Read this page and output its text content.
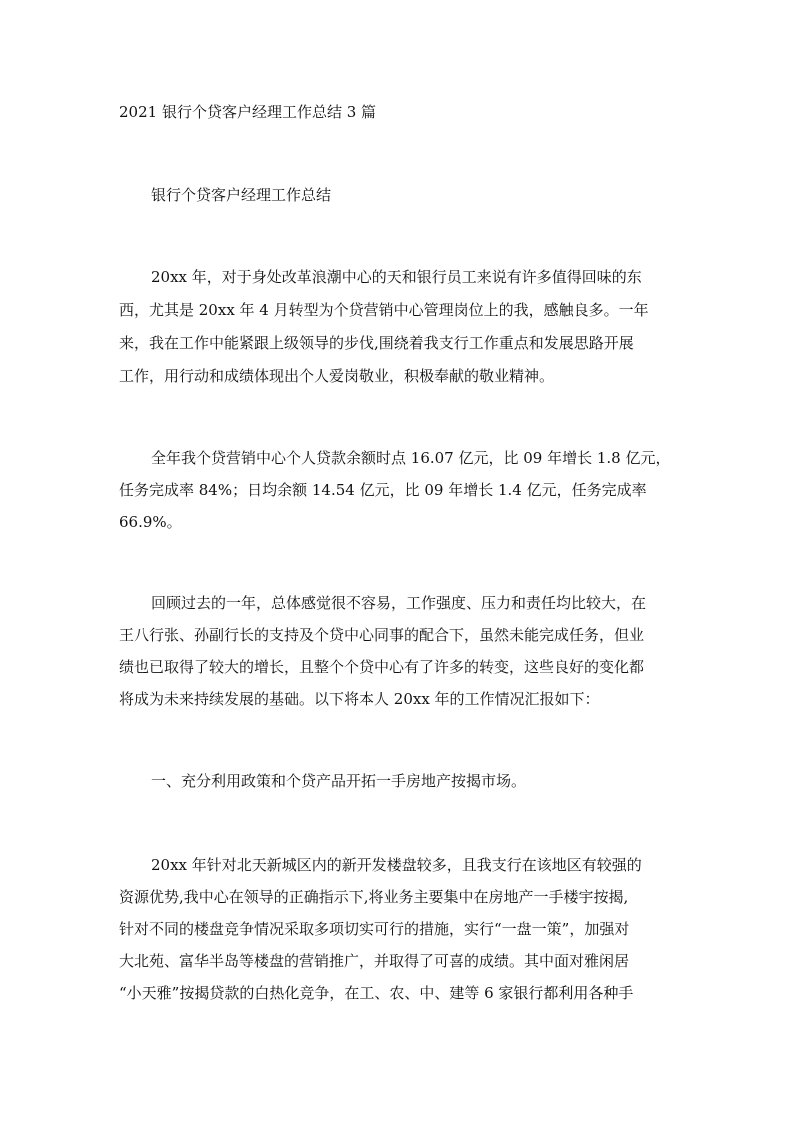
2021 银行个贷客户经理工作总结 3 篇
银行个贷客户经理工作总结
20xx 年，对于身处改革浪潮中心的天和银行员工来说有许多值得回味的东
西，尤其是 20xx 年 4 月转型为个贷营销中心管理岗位上的我，感触良多。一年
来，我在工作中能紧跟上级领导的步伐,围绕着我支行工作重点和发展思路开展
工作，用行动和成绩体现出个人爱岗敬业，积极奉献的敬业精神。
全年我个贷营销中心个人贷款余额时点 16.07 亿元，比 09 年增长 1.8 亿元，
任务完成率 84%；日均余额 14.54 亿元，比 09 年增长 1.4 亿元，任务完成率
66.9%。
回顾过去的一年，总体感觉很不容易，工作强度、压力和责任均比较大，在
王八行张、孙副行长的支持及个贷中心同事的配合下，虽然未能完成任务，但业
绩也已取得了较大的增长，且整个个贷中心有了许多的转变，这些良好的变化都
将成为未来持续发展的基础。以下将本人 20xx 年的工作情况汇报如下：
一、充分利用政策和个贷产品开拓一手房地产按揭市场。
20xx 年针对北天新城区内的新开发楼盘较多，且我支行在该地区有较强的
资源优势,我中心在领导的正确指示下,将业务主要集中在房地产一手楼宇按揭,
针对不同的楼盘竞争情况采取多项切实可行的措施，实行“一盘一策”，加强对
大北苑、富华半岛等楼盘的营销推广，并取得了可喜的成绩。其中面对雅闲居
“小天雅”按揭贷款的白热化竞争，在工、农、中、建等 6 家银行都利用各种手
